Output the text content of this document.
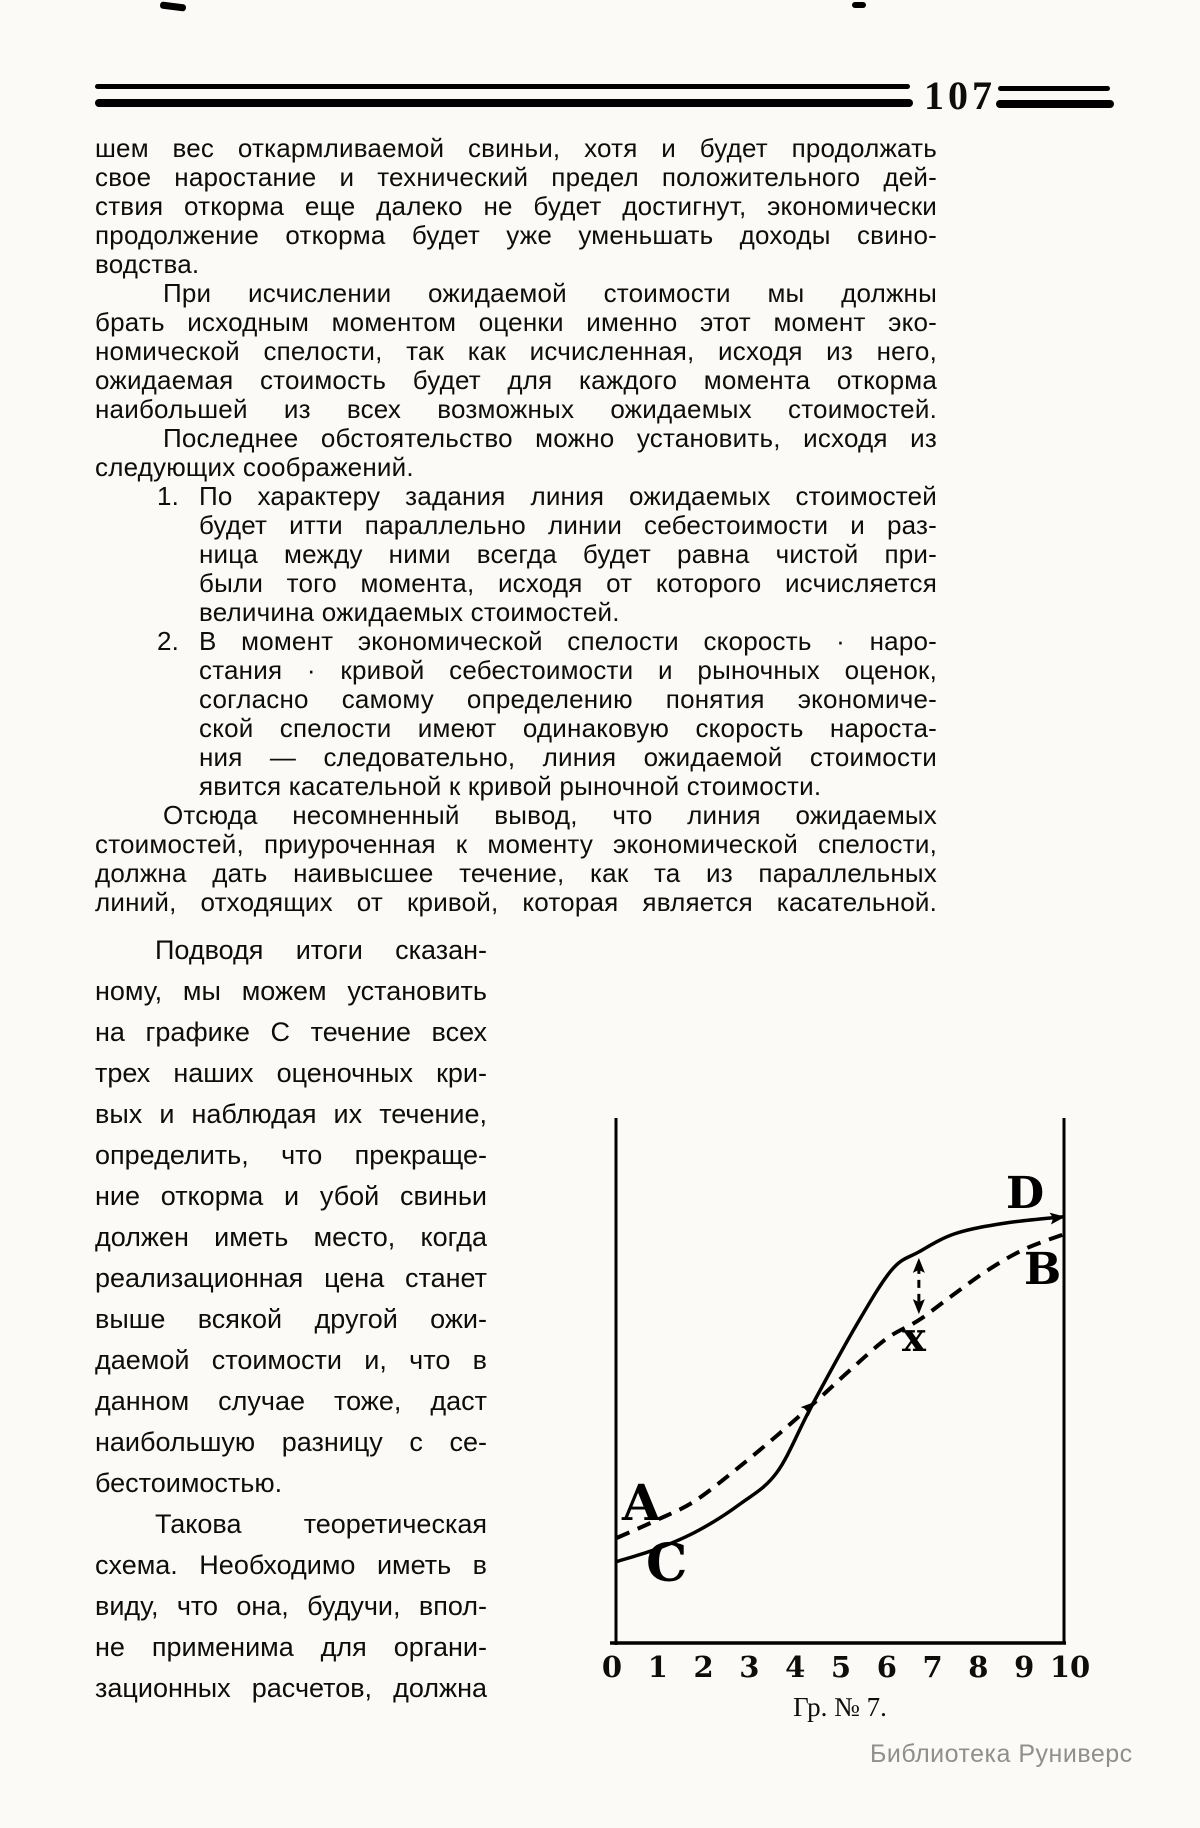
107
шем вес откармливаемой свиньи, хотя и будет продолжать
свое наростание и технический предел положительного дей-
ствия откорма еще далеко не будет достигнут, экономически
продолжение откорма будет уже уменьшать доходы свино-
водства.
При исчислении ожидаемой стоимости мы должны
брать исходным моментом оценки именно этот момент эко-
номической спелости, так как исчисленная, исходя из него,
ожидаемая стоимость будет для каждого момента откорма
наибольшей из всех возможных ожидаемых стоимостей.
Последнее обстоятельство можно установить, исходя из
следующих соображений.
1. По характеру задания линия ожидаемых стоимостей
будет итти параллельно линии себестоимости и раз-
ница между ними всегда будет равна чистой при-
были того момента, исходя от которого исчисляется
величина ожидаемых стоимостей.
2. В момент экономической спелости скорость · наро-
стания · кривой себестоимости и рыночных оценок,
согласно самому определению понятия экономиче-
ской спелости имеют одинаковую скорость нароста-
ния — следовательно, линия ожидаемой стоимости
явится касательной к кривой рыночной стоимости.
Отсюда несомненный вывод, что линия ожидаемых
стоимостей, приуроченная к моменту экономической спелости,
должна дать наивысшее течение, как та из параллельных
линий, отходящих от кривой, которая является касательной.
Подводя итоги сказан-
ному, мы можем установить
на графике С течение всех
трех наших оценочных кри-
вых и наблюдая их течение,
определить, что прекраще-
ние откорма и убой свиньи
должен иметь место, когда
реализационная цена станет
выше всякой другой ожи-
даемой стоимости и, что в
данном случае тоже, даст
наибольшую разницу с се-
бестоимостью.
Такова теоретическая
схема. Необходимо иметь в
виду, что она, будучи, впол-
не применима для органи-
зационных расчетов, должна
A
C
D
B
x
0 1 2 3 4 5 6 7 8 9 10
Гр. № 7.
Библиотека Руниверс
